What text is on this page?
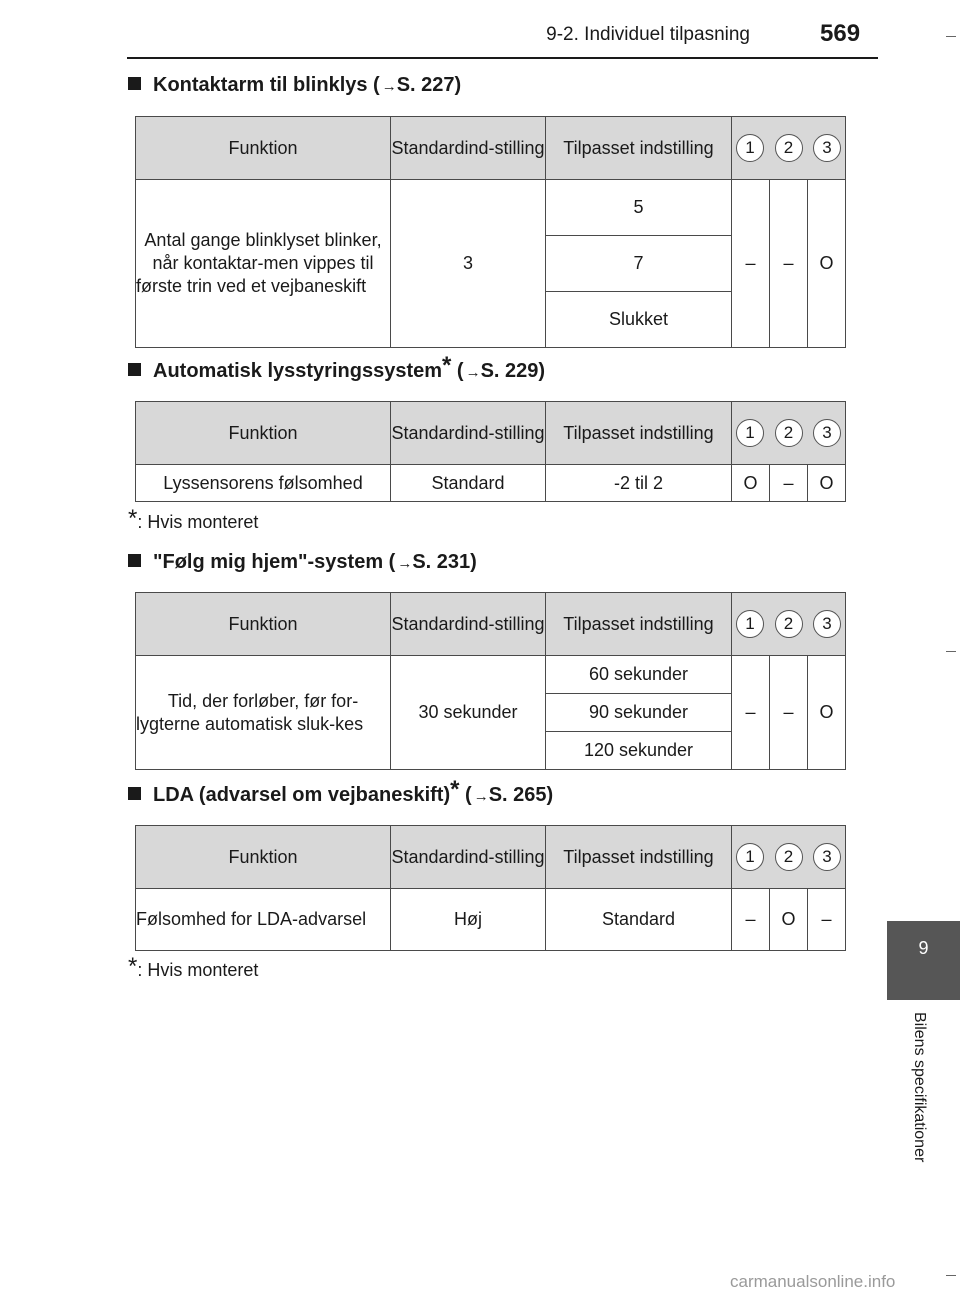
9-2. Individuel tilpasning	569
Kontaktarm til blinklys ( →S. 227)
Funktion	Standardind-stilling	Tilpasset indstilling	1 2 3		

Antal gange blinklyset blinker, når kontaktar-men vippes til første trin ved et vejbaneskift	3	5	–	–	O
		7			
		Slukket			
Automatisk lysstyringssystem* ( →S. 229)
Funktion	Standardind-stilling	Tilpasset indstilling	1 2 3		

Lyssensorens følsomhed	Standard	-2 til 2	O	–	O
*: Hvis monteret
"Følg mig hjem"-system ( →S. 231)
Funktion	Standardind-stilling	Tilpasset indstilling	1 2 3		

Tid, der forløber, før for-lygterne automatisk sluk-kes	30 sekunder	60 sekunder	–	–	O
		90 sekunder			
		120 sekunder			
LDA (advarsel om vejbaneskift)* ( →S. 265)
Funktion	Standardind-stilling	Tilpasset indstilling	1 2 3		

Følsomhed for LDA-advarsel	Høj	Standard	–	O	–
*: Hvis monteret
9
Bilens specifikationer
carmanualsonline.info
